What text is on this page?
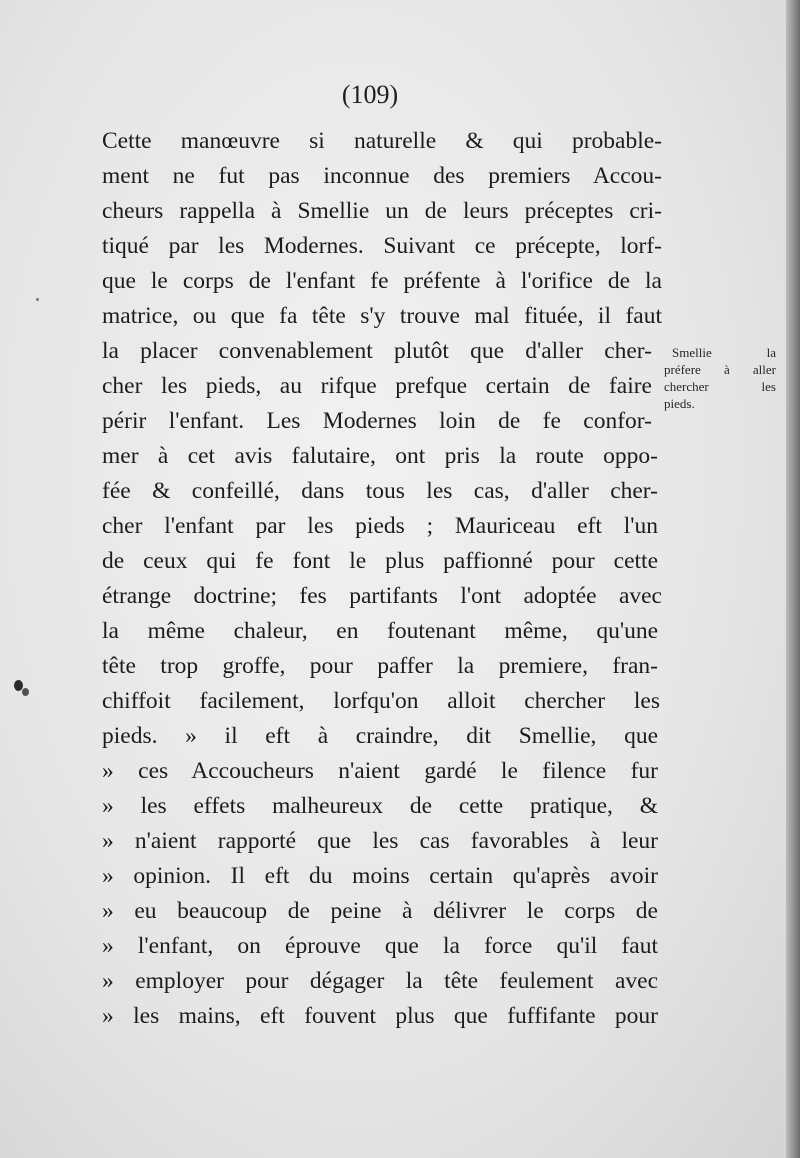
(109)
Cette manœuvre si naturelle & qui probable-
ment ne fut pas inconnue des premiers Accou-
cheurs rappella à Smellie un de leurs préceptes cri-
tiqué par les Modernes. Suivant ce précepte, lorf-
que le corps de l'enfant fe préfente à l'orifice de la
matrice, ou que fa tête s'y trouve mal fituée, il faut
la placer convenablement plutôt que d'aller cher-
cher les pieds, au rifque prefque certain de faire
périr l'enfant. Les Modernes loin de fe confor-
mer à cet avis falutaire, ont pris la route oppo-
fée & confeillé, dans tous les cas, d'aller cher-
cher l'enfant par les pieds ; Mauriceau eft l'un
de ceux qui fe font le plus paffionné pour cette
étrange doctrine; fes partifants l'ont adoptée avec
la même chaleur, en foutenant même, qu'une
tête trop groffe, pour paffer la premiere, fran-
chiffoit facilement, lorfqu'on alloit chercher les
pieds. » il eft à craindre, dit Smellie, que
» ces Accoucheurs n'aient gardé le filence fur
» les effets malheureux de cette pratique, &
» n'aient rapporté que les cas favorables à leur
» opinion. Il eft du moins certain qu'après avoir
» eu beaucoup de peine à délivrer le corps de
» l'enfant, on éprouve que la force qu'il faut
» employer pour dégager la tête feulement avec
» les mains, eft fouvent plus que fuffifante pour
Smellie la
préfere à aller
chercher les
pieds.
